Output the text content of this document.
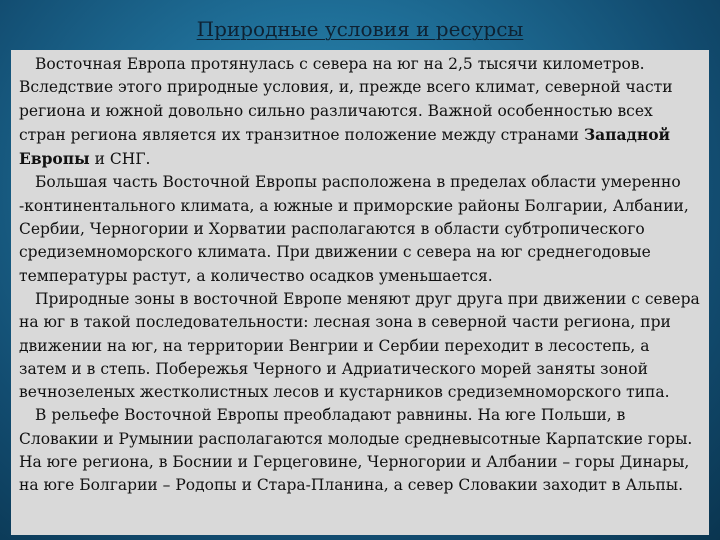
Природные условия и ресурсы

Восточная Европа протянулась с севера на юг на 2,5 тысячи километров. Вследствие этого природные условия, и, прежде всего климат, северной части региона и южной довольно сильно различаются. Важной особенностью всех стран региона является их транзитное положение между странами Западной Европы и СНГ.

Большая часть Восточной Европы расположена в пределах области умеренно -континентального климата, а южные и приморские районы Болгарии, Албании, Сербии, Черногории и Хорватии располагаются в области субтропического средиземноморского климата. При движении с севера на юг среднегодовые температуры растут, а количество осадков уменьшается.

Природные зоны в восточной Европе меняют друг друга при движении с севера на юг в такой последовательности: лесная зона в северной части региона, при движении на юг, на территории Венгрии и Сербии переходит в лесостепь, а затем и в степь. Побережья Черного и Адриатического морей заняты зоной вечнозеленых жестколистных лесов и кустарников средиземноморского типа.

В рельефе Восточной Европы преобладают равнины. На юге Польши, в Словакии и Румынии располагаются молодые средневысотные Карпатские горы. На юге региона, в Боснии и Герцеговине, Черногории и Албании – горы Динары, на юге Болгарии – Родопы и Стара-Планина, а север Словакии заходит в Альпы.
